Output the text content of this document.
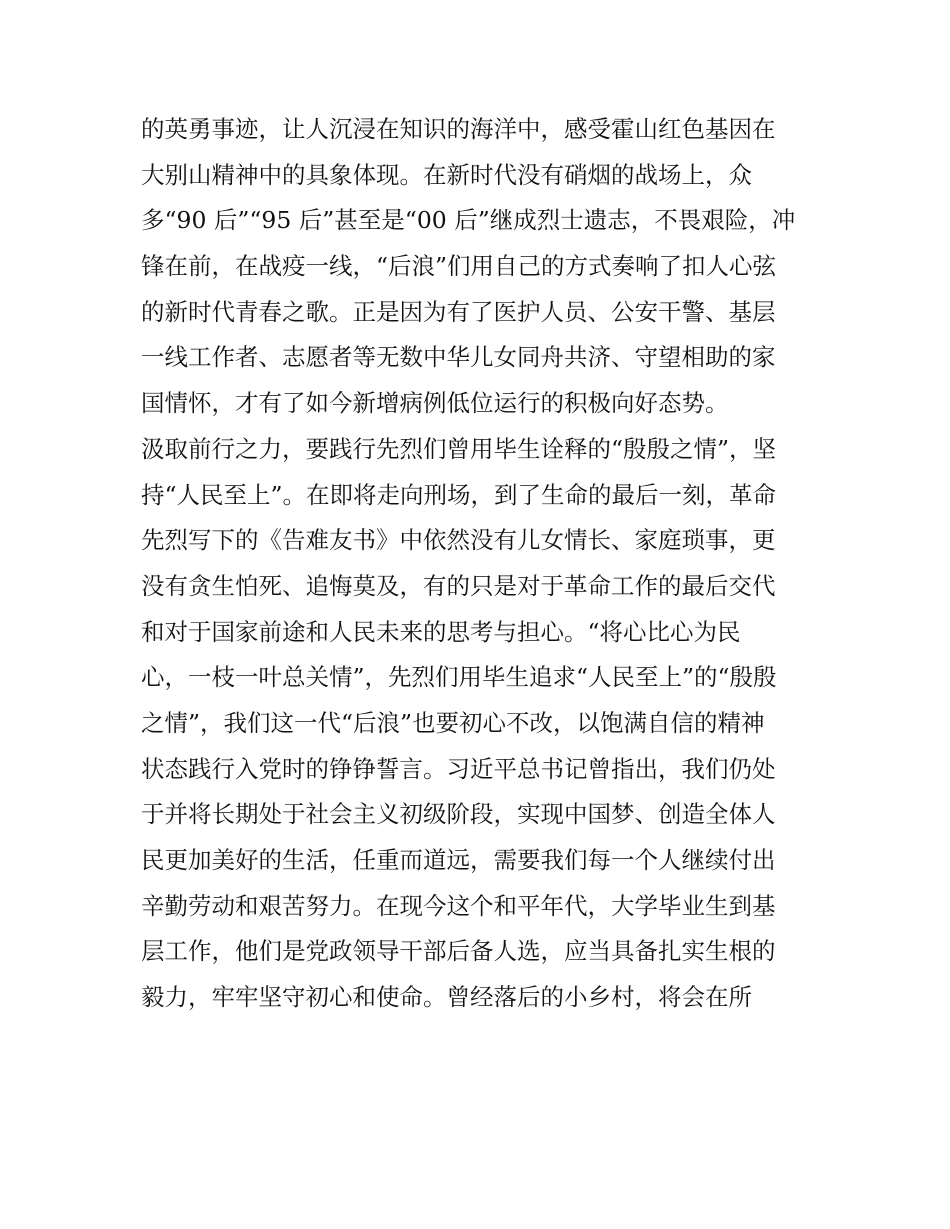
的英勇事迹，让人沉浸在知识的海洋中，感受霍山红色基因在
大别山精神中的具象体现。在新时代没有硝烟的战场上，众
多“90 后”“95 后”甚至是“00 后”继成烈士遗志，不畏艰险，冲
锋在前，在战疫一线，“后浪”们用自己的方式奏响了扣人心弦
的新时代青春之歌。正是因为有了医护人员、公安干警、基层
一线工作者、志愿者等无数中华儿女同舟共济、守望相助的家
国情怀，才有了如今新增病例低位运行的积极向好态势。
汲取前行之力，要践行先烈们曾用毕生诠释的“殷殷之情”，坚
持“人民至上”。在即将走向刑场，到了生命的最后一刻，革命
先烈写下的《告难友书》中依然没有儿女情长、家庭琐事，更
没有贪生怕死、追悔莫及，有的只是对于革命工作的最后交代
和对于国家前途和人民未来的思考与担心。“将心比心为民
心，一枝一叶总关情”，先烈们用毕生追求“人民至上”的“殷殷
之情”，我们这一代“后浪”也要初心不改，以饱满自信的精神
状态践行入党时的铮铮誓言。习近平总书记曾指出，我们仍处
于并将长期处于社会主义初级阶段，实现中国梦、创造全体人
民更加美好的生活，任重而道远，需要我们每一个人继续付出
辛勤劳动和艰苦努力。在现今这个和平年代，大学毕业生到基
层工作，他们是党政领导干部后备人选，应当具备扎实生根的
毅力，牢牢坚守初心和使命。曾经落后的小乡村，将会在所
